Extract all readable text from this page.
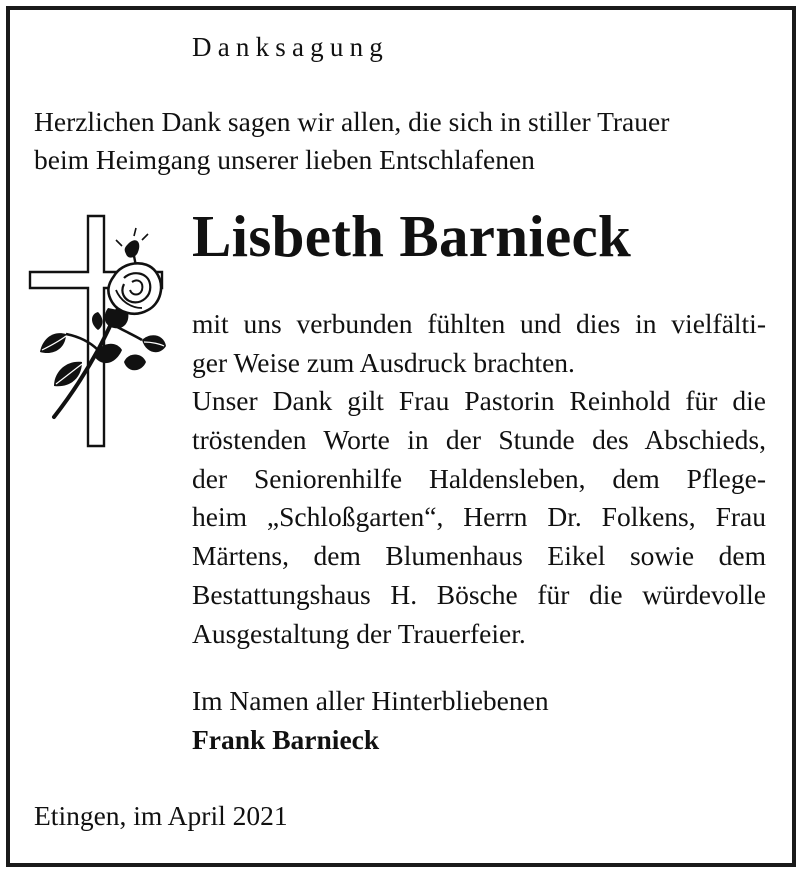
Danksagung
Herzlichen Dank sagen wir allen, die sich in stiller Trauer
beim Heimgang unserer lieben Entschlafenen
Lisbeth Barnieck
mit uns verbunden fühlten und dies in vielfälti-
ger Weise zum Ausdruck brachten.
Unser Dank gilt Frau Pastorin Reinhold für die
tröstenden Worte in der Stunde des Abschieds,
der Seniorenhilfe Haldensleben, dem Pflege-
heim „Schloßgarten“, Herrn Dr. Folkens, Frau
Märtens, dem Blumenhaus Eikel sowie dem
Bestattungshaus H. Bösche für die würdevolle
Ausgestaltung der Trauerfeier.
Im Namen aller Hinterbliebenen
Frank Barnieck
Etingen, im April 2021
